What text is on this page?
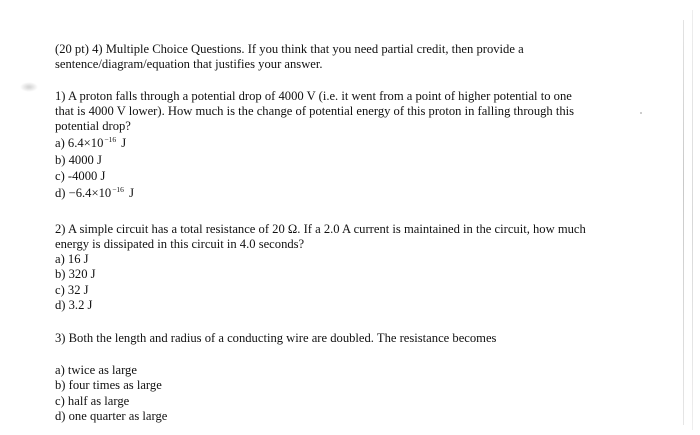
(20 pt) 4) Multiple Choice Questions. If you think that you need partial credit, then provide a
sentence/diagram/equation that justifies your answer.
1) A proton falls through a potential drop of 4000 V (i.e. it went from a point of higher potential to one
that is 4000 V lower). How much is the change of potential energy of this proton in falling through this
potential drop?
a) $6.4\times 10^{-16}$ J
b) 4000 J
c) -4000 J
$d) -6.4\times 10^{-16}$ J
2) A simple circuit has a total resistance of 20 Ω. If a 2.0 A current is maintained in the circuit, how much
energy is dissipated in this circuit in 4.0 seconds?
a) 16 J
b) 320 J
c) 32 J
d) 3.2 J
3) Both the length and radius of a conducting wire are doubled. The resistance becomes
a) twice as large
b) four times as large
c) half as large
d) one quarter as large
